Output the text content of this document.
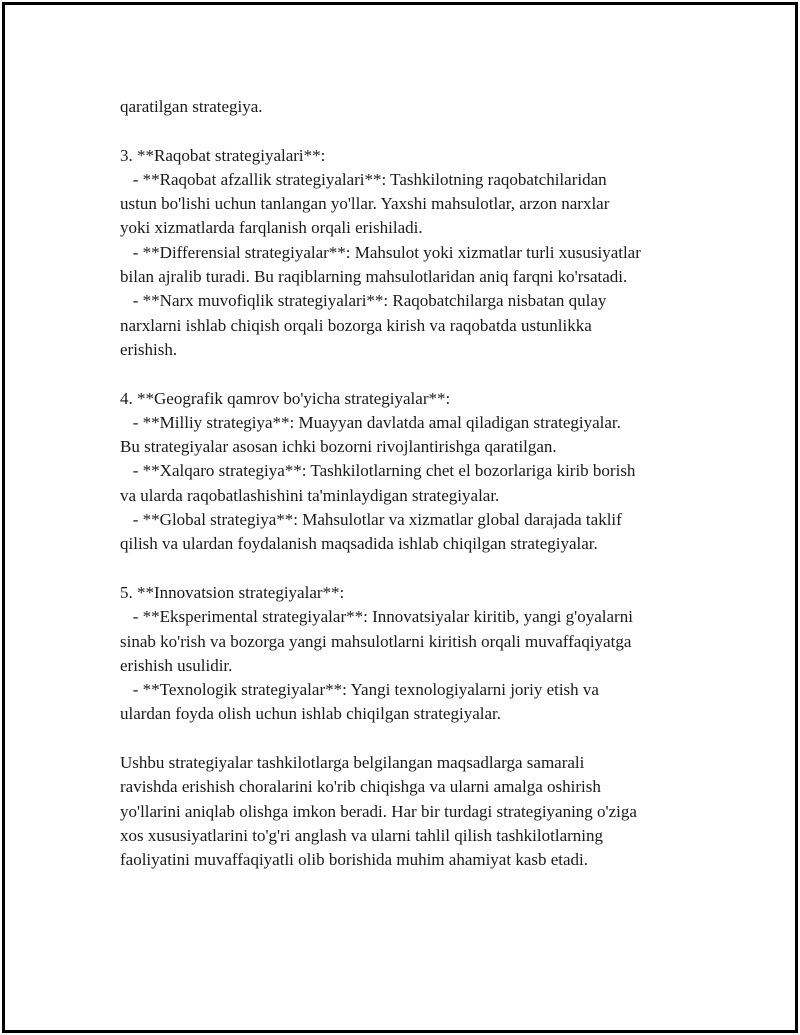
qaratilgan strategiya.
3. **Raqobat strategiyalari**:
- **Raqobat afzallik strategiyalari**: Tashkilotning raqobatchilaridan
ustun bo'lishi uchun tanlangan yo'llar. Yaxshi mahsulotlar, arzon narxlar
yoki xizmatlarda farqlanish orqali erishiladi.
- **Differensial strategiyalar**: Mahsulot yoki xizmatlar turli xususiyatlar
bilan ajralib turadi. Bu raqiblarning mahsulotlaridan aniq farqni ko'rsatadi.
- **Narx muvofiqlik strategiyalari**: Raqobatchilarga nisbatan qulay
narxlarni ishlab chiqish orqali bozorga kirish va raqobatda ustunlikka
erishish.
4. **Geografik qamrov bo'yicha strategiyalar**:
- **Milliy strategiya**: Muayyan davlatda amal qiladigan strategiyalar.
Bu strategiyalar asosan ichki bozorni rivojlantirishga qaratilgan.
- **Xalqaro strategiya**: Tashkilotlarning chet el bozorlariga kirib borish
va ularda raqobatlashishini ta'minlaydigan strategiyalar.
- **Global strategiya**: Mahsulotlar va xizmatlar global darajada taklif
qilish va ulardan foydalanish maqsadida ishlab chiqilgan strategiyalar.
5. **Innovatsion strategiyalar**:
- **Eksperimental strategiyalar**: Innovatsiyalar kiritib, yangi g'oyalarni
sinab ko'rish va bozorga yangi mahsulotlarni kiritish orqali muvaffaqiyatga
erishish usulidir.
- **Texnologik strategiyalar**: Yangi texnologiyalarni joriy etish va
ulardan foyda olish uchun ishlab chiqilgan strategiyalar.
Ushbu strategiyalar tashkilotlarga belgilangan maqsadlarga samarali
ravishda erishish choralarini ko'rib chiqishga va ularni amalga oshirish
yo'llarini aniqlab olishga imkon beradi. Har bir turdagi strategiyaning o'ziga
xos xususiyatlarini to'g'ri anglash va ularni tahlil qilish tashkilotlarning
faoliyatini muvaffaqiyatli olib borishida muhim ahamiyat kasb etadi.
